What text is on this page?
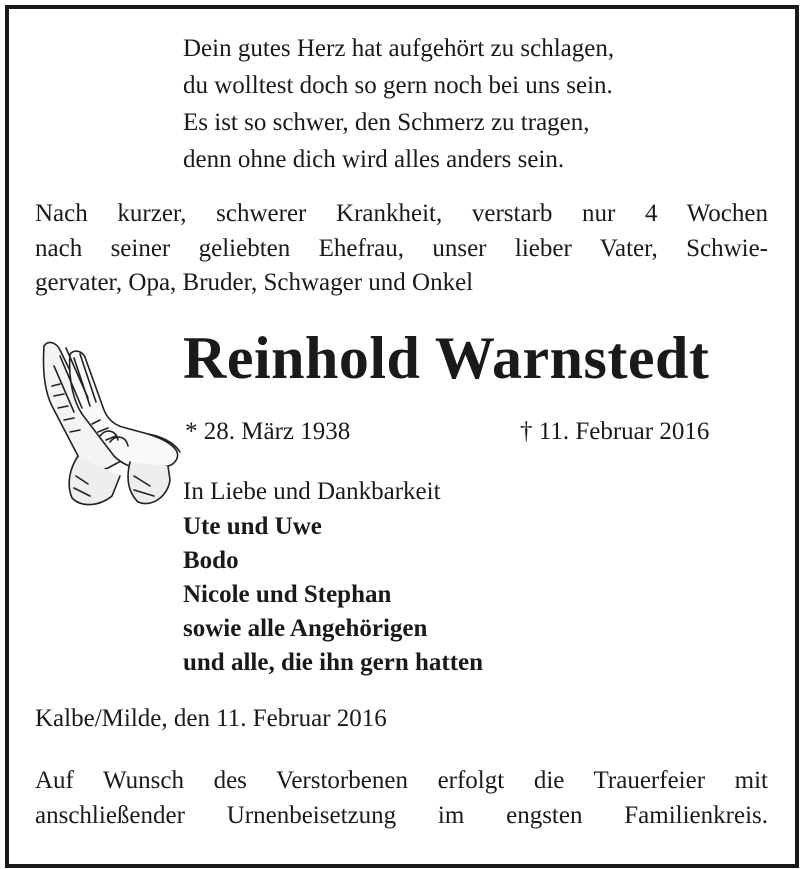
Dein gutes Herz hat aufgehört zu schlagen,
du wolltest doch so gern noch bei uns sein.
Es ist so schwer, den Schmerz zu tragen,
denn ohne dich wird alles anders sein.
Nach kurzer, schwerer Krankheit, verstarb nur 4 Wochen
nach seiner geliebten Ehefrau, unser lieber Vater, Schwie-
gervater, Opa, Bruder, Schwager und Onkel
Reinhold Warnstedt
* 28. März 1938	† 11. Februar 2016
In Liebe und Dankbarkeit
Ute und Uwe
Bodo
Nicole und Stephan
sowie alle Angehörigen
und alle, die ihn gern hatten
Kalbe/Milde, den 11. Februar 2016
Auf Wunsch des Verstorbenen erfolgt die Trauerfeier mit
anschließender Urnenbeisetzung im engsten Familienkreis.
